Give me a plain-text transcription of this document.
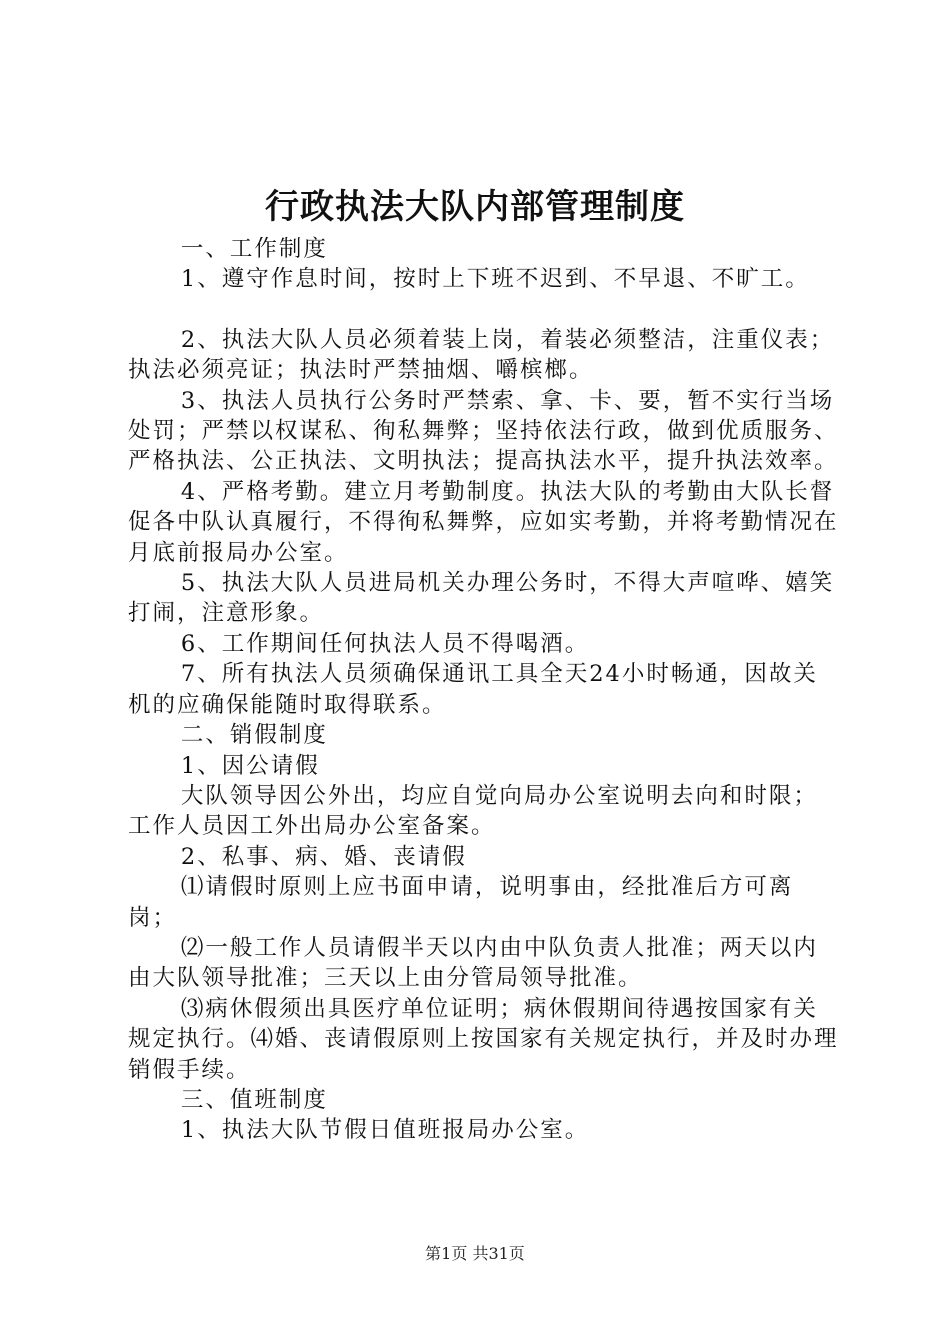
行政执法大队内部管理制度

一、工作制度

1、遵守作息时间，按时上下班不迟到、不早退、不旷工。

2、执法大队人员必须着装上岗，着装必须整洁，注重仪表；执法必须亮证；执法时严禁抽烟、嚼槟榔。

3、执法人员执行公务时严禁索、拿、卡、要，暂不实行当场处罚；严禁以权谋私、徇私舞弊；坚持依法行政，做到优质服务、严格执法、公正执法、文明执法；提高执法水平，提升执法效率。

4、严格考勤。建立月考勤制度。执法大队的考勤由大队长督促各中队认真履行，不得徇私舞弊，应如实考勤，并将考勤情况在月底前报局办公室。

5、执法大队人员进局机关办理公务时，不得大声喧哗、嬉笑打闹，注意形象。

6、工作期间任何执法人员不得喝酒。

7、所有执法人员须确保通讯工具全天24小时畅通，因故关机的应确保能随时取得联系。

二、销假制度

1、因公请假

大队领导因公外出，均应自觉向局办公室说明去向和时限；工作人员因工外出局办公室备案。

2、私事、病、婚、丧请假

⑴请假时原则上应书面申请，说明事由，经批准后方可离岗；

⑵一般工作人员请假半天以内由中队负责人批准；两天以内由大队领导批准；三天以上由分管局领导批准。

⑶病休假须出具医疗单位证明；病休假期间待遇按国家有关规定执行。⑷婚、丧请假原则上按国家有关规定执行，并及时办理销假手续。

三、值班制度

1、执法大队节假日值班报局办公室。

第1页 共31页
